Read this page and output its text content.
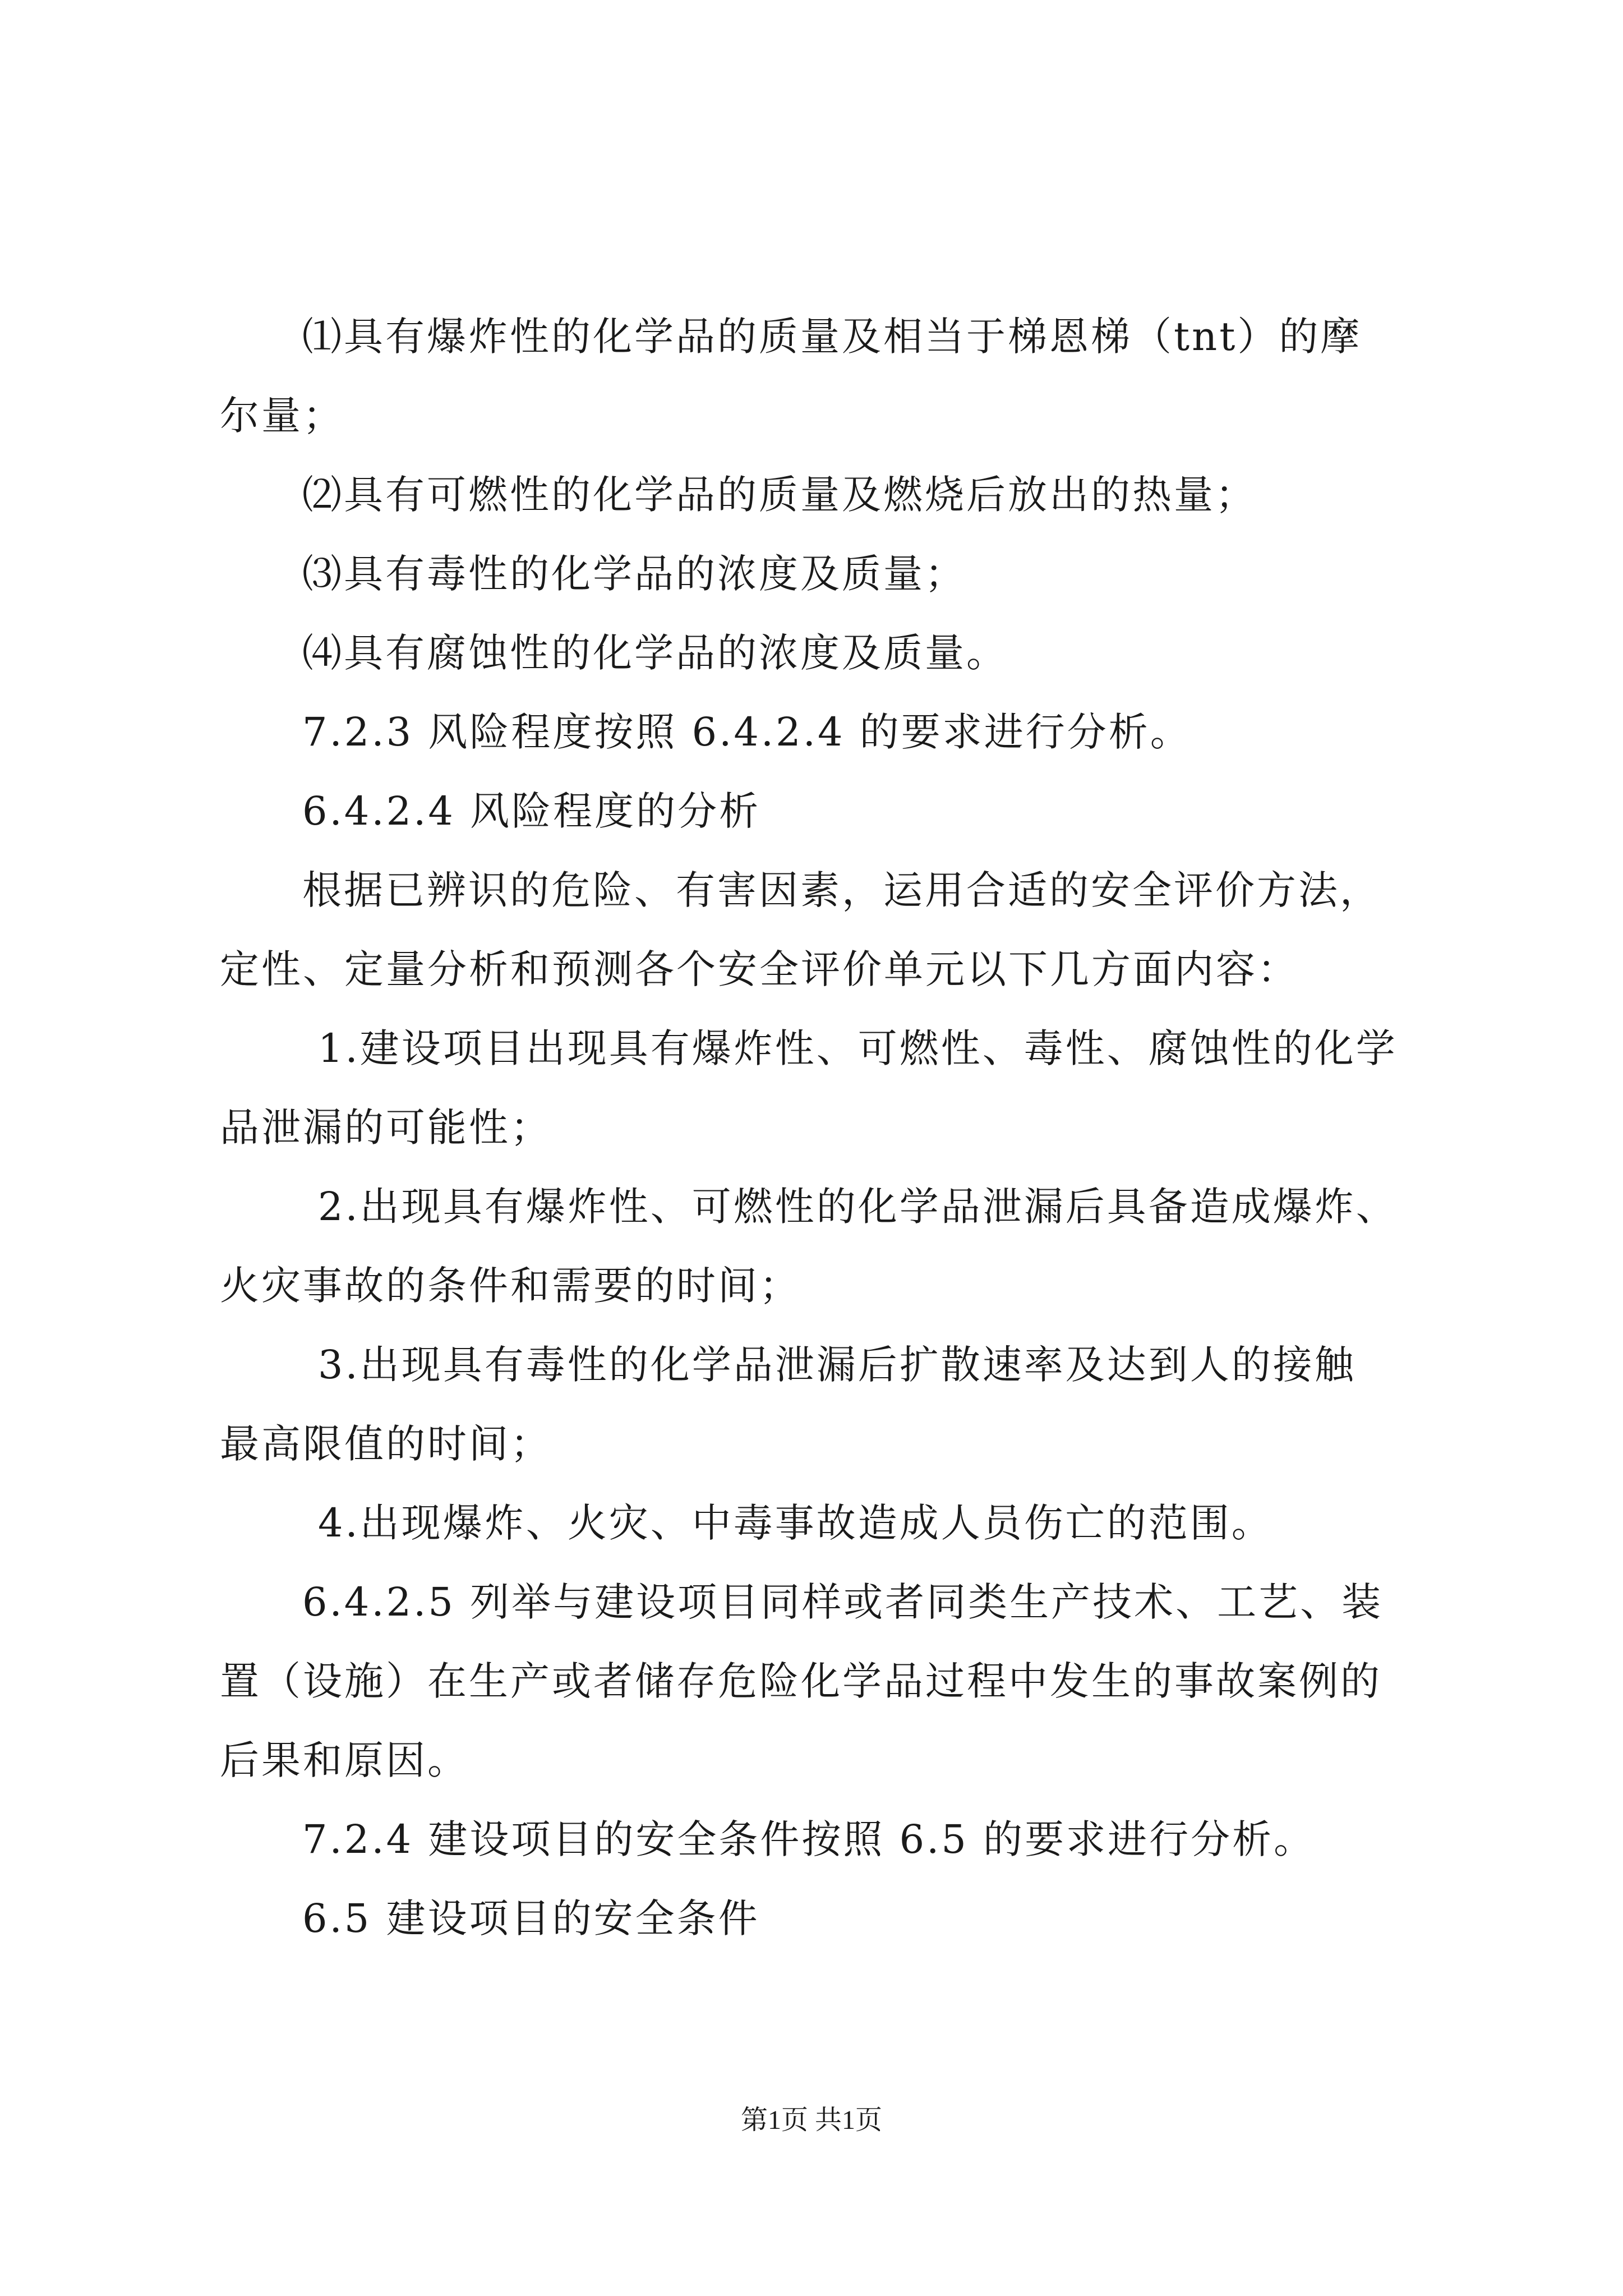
⑴具有爆炸性的化学品的质量及相当于梯恩梯（tnt）的摩
尔量；
⑵具有可燃性的化学品的质量及燃烧后放出的热量；
⑶具有毒性的化学品的浓度及质量；
⑷具有腐蚀性的化学品的浓度及质量。
7.2.3 风险程度按照 6.4.2.4 的要求进行分析。
6.4.2.4 风险程度的分析
根据已辨识的危险、有害因素，运用合适的安全评价方法，
定性、定量分析和预测各个安全评价单元以下几方面内容：
1.建设项目出现具有爆炸性、可燃性、毒性、腐蚀性的化学
品泄漏的可能性；
2.出现具有爆炸性、可燃性的化学品泄漏后具备造成爆炸、
火灾事故的条件和需要的时间；
3.出现具有毒性的化学品泄漏后扩散速率及达到人的接触
最高限值的时间；
4.出现爆炸、火灾、中毒事故造成人员伤亡的范围。
6.4.2.5 列举与建设项目同样或者同类生产技术、工艺、装
置（设施）在生产或者储存危险化学品过程中发生的事故案例的
后果和原因。
7.2.4 建设项目的安全条件按照 6.5 的要求进行分析。
6.5 建设项目的安全条件
第1页 共1页
